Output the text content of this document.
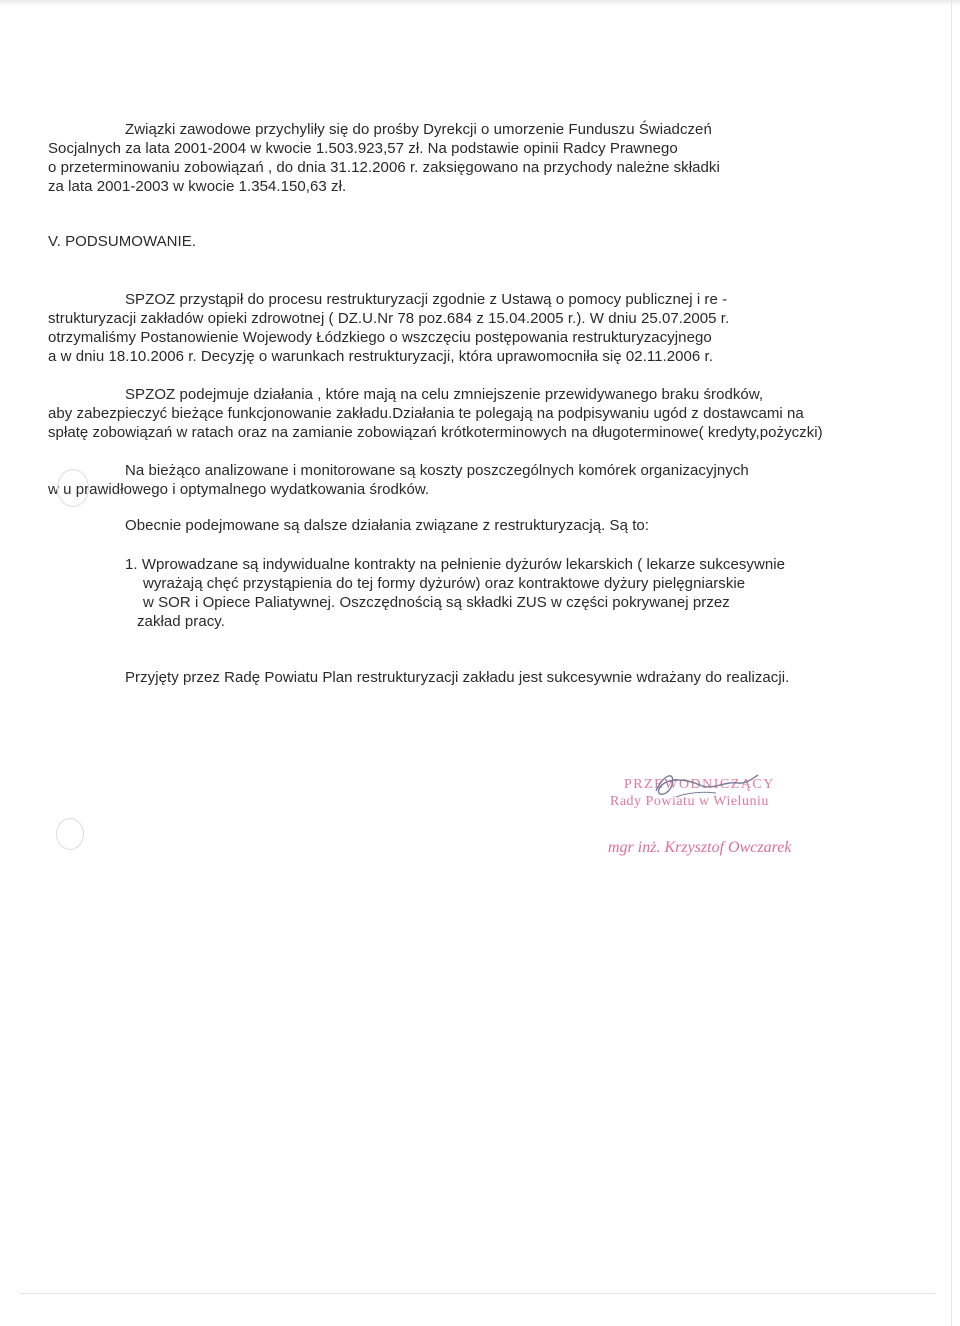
Związki zawodowe przychyliły się do prośby Dyrekcji o umorzenie Funduszu Świadczeń
Socjalnych za lata 2001-2004 w kwocie 1.503.923,57 zł. Na podstawie opinii Radcy Prawnego
o przeterminowaniu zobowiązań , do dnia 31.12.2006 r. zaksięgowano na przychody należne składki
za lata 2001-2003 w kwocie 1.354.150,63 zł.
V. PODSUMOWANIE.
SPZOZ przystąpił do procesu restrukturyzacji zgodnie z Ustawą o pomocy publicznej i re -
strukturyzacji zakładów opieki zdrowotnej ( DZ.U.Nr 78 poz.684 z 15.04.2005 r.). W dniu 25.07.2005 r.
otrzymaliśmy Postanowienie Wojewody Łódzkiego o wszczęciu postępowania restrukturyzacyjnego
a w dniu 18.10.2006 r. Decyzję o warunkach restrukturyzacji, która uprawomocniła się 02.11.2006 r.
SPZOZ podejmuje działania , które mają na celu zmniejszenie przewidywanego braku środków,
aby zabezpieczyć bieżące funkcjonowanie zakładu.Działania te polegają na podpisywaniu ugód z dostawcami na
spłatę zobowiązań w ratach oraz na zamianie zobowiązań krótkoterminowych na długoterminowe( kredyty,pożyczki)
Na bieżąco analizowane i monitorowane są koszty poszczególnych komórek organizacyjnych
w u prawidłowego i optymalnego wydatkowania środków.
Obecnie podejmowane są dalsze działania związane z restrukturyzacją. Są to:
1. Wprowadzane są indywidualne kontrakty na pełnienie dyżurów lekarskich ( lekarze sukcesywnie
wyrażają chęć przystąpienia do tej formy dyżurów) oraz kontraktowe dyżury pielęgniarskie
w SOR i Opiece Paliatywnej. Oszczędnością są składki ZUS w części pokrywanej przez
zakład pracy.
Przyjęty przez Radę Powiatu Plan restrukturyzacji zakładu jest sukcesywnie wdrażany do realizacji.
PRZEWODNICZĄCY
Rady Powiatu w Wieluniu
mgr inż. Krzysztof Owczarek
